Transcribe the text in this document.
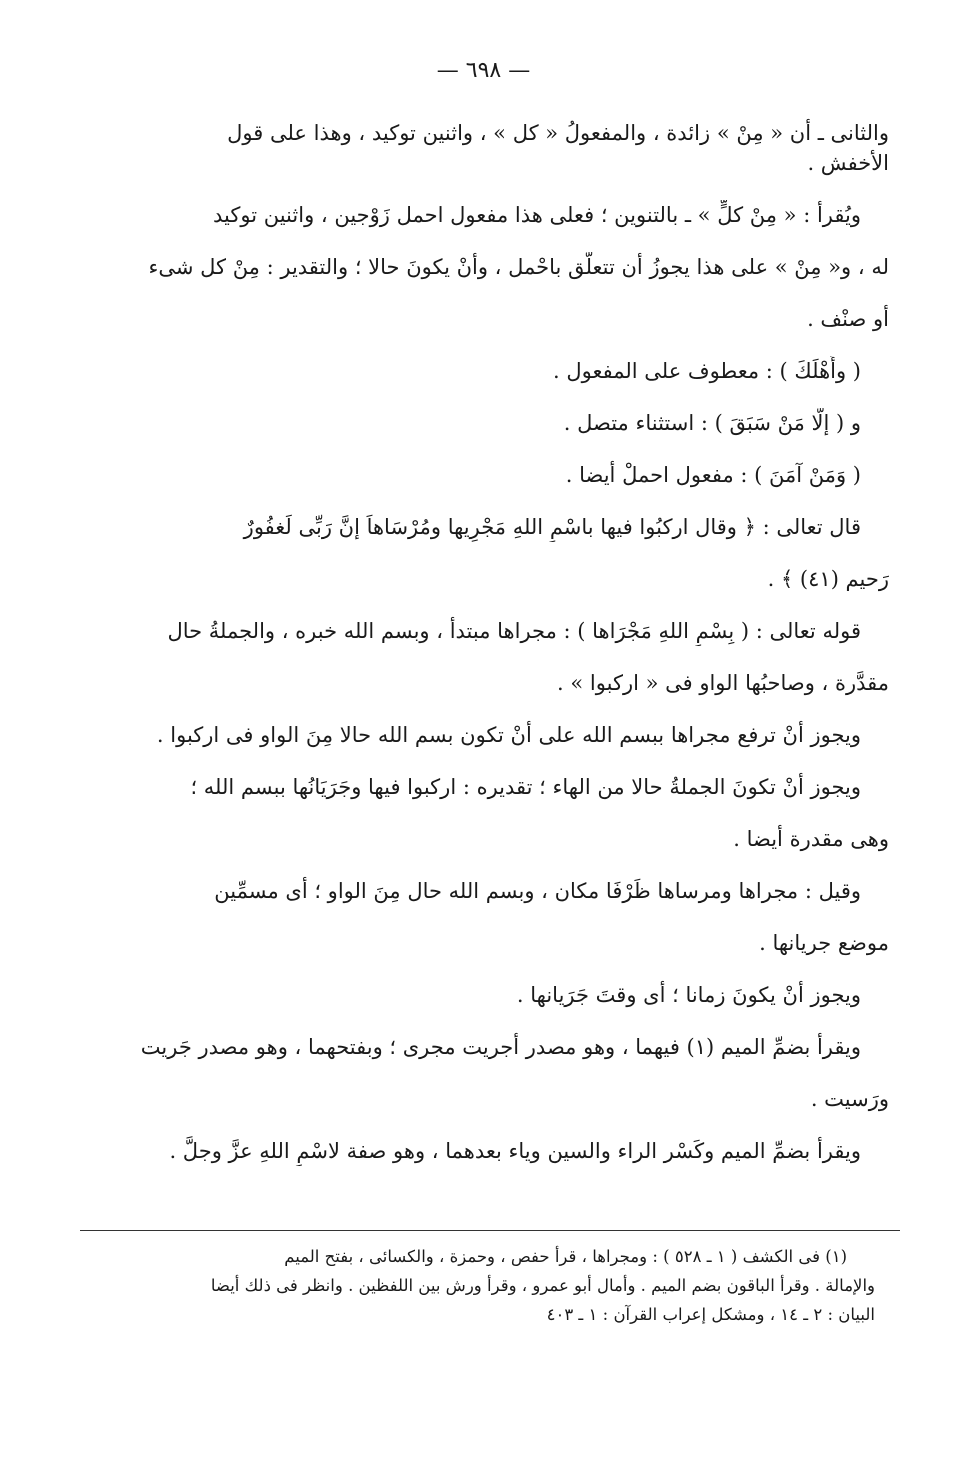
— ٦٩٨ —
والثانى ـ أن « مِنْ » زائدة ، والمفعولُ « كل » ، واثنين توكيد ، وهذا على قول
الأخفش .
ويُقرأ : « مِنْ كلٍّ » ـ بالتنوين ؛ فعلى هذا مفعول احمل زَوْجين ، واثنين توكيد
له ، و« مِنْ » على هذا يجوزُ أن تتعلَّق باحْمل ، وأنْ يكونَ حالا ؛ والتقدير : مِنْ كل شىء
أو صنْف .
( وأَهْلَكَ ) : معطوف على المفعول .
و ( إلَّا مَنْ سَبَقَ ) : استثناء متصل .
( وَمَنْ آمَنَ ) : مفعول احملْ أيضا .
قال تعالى : ﴿ وقال اركبُوا فيها باسْمِ اللهِ مَجْرِيها ومُرْسَاهاَ إنَّ رَبِّى لَغفُورٌ
رَحيم (٤١) ﴾ .
قوله تعالى : ( بِسْمِ اللهِ مَجْرَاها ) : مجراها مبتدأ ، وبسم الله خبره ، والجملةُ حال
مقدَّرة ، وصاحبُها الواو فى « اركبوا » .
ويجوز أنْ ترفع مجراها ببسم الله على أنْ تكون بسم الله حالا مِنَ الواو فى اركبوا .
ويجوز أنْ تكونَ الجملةُ حالا من الهاء ؛ تقديره : اركبوا فيها وجَرَيَانُها ببسم الله ؛
وهى مقدرة أيضا .
وقيل : مجراها ومرساها ظَرْفَا مكان ، وبسم الله حال مِنَ الواو ؛ أى مسمِّين
موضع جريانها .
ويجوز أنْ يكونَ زمانا ؛ أى وقتَ جَرَيانها .
ويقرأ بضمِّ الميم (١) فيهما ، وهو مصدر أجريت مجرى ؛ وبفتحهما ، وهو مصدر جَريت
ورَسيت .
ويقرأ بضمِّ الميم وكَسْر الراء والسين وياء بعدهما ، وهو صفة لاسْمِ اللهِ عزَّ وجلَّ .
(١) فى الكشف ( ١ ـ ٥٢٨ ) : ومجراها ، قرأ حفص ، وحمزة ، والكسائى ، بفتح الميم
والإمالة . وقرأ الباقون بضم الميم . وأمال أبو عمرو ، وقرأ ورش بين اللفظين . وانظر فى ذلك أيضا
البيان : ٢ ـ ١٤ ، ومشكل إعراب القرآن : ١ ـ ٤٠٣
